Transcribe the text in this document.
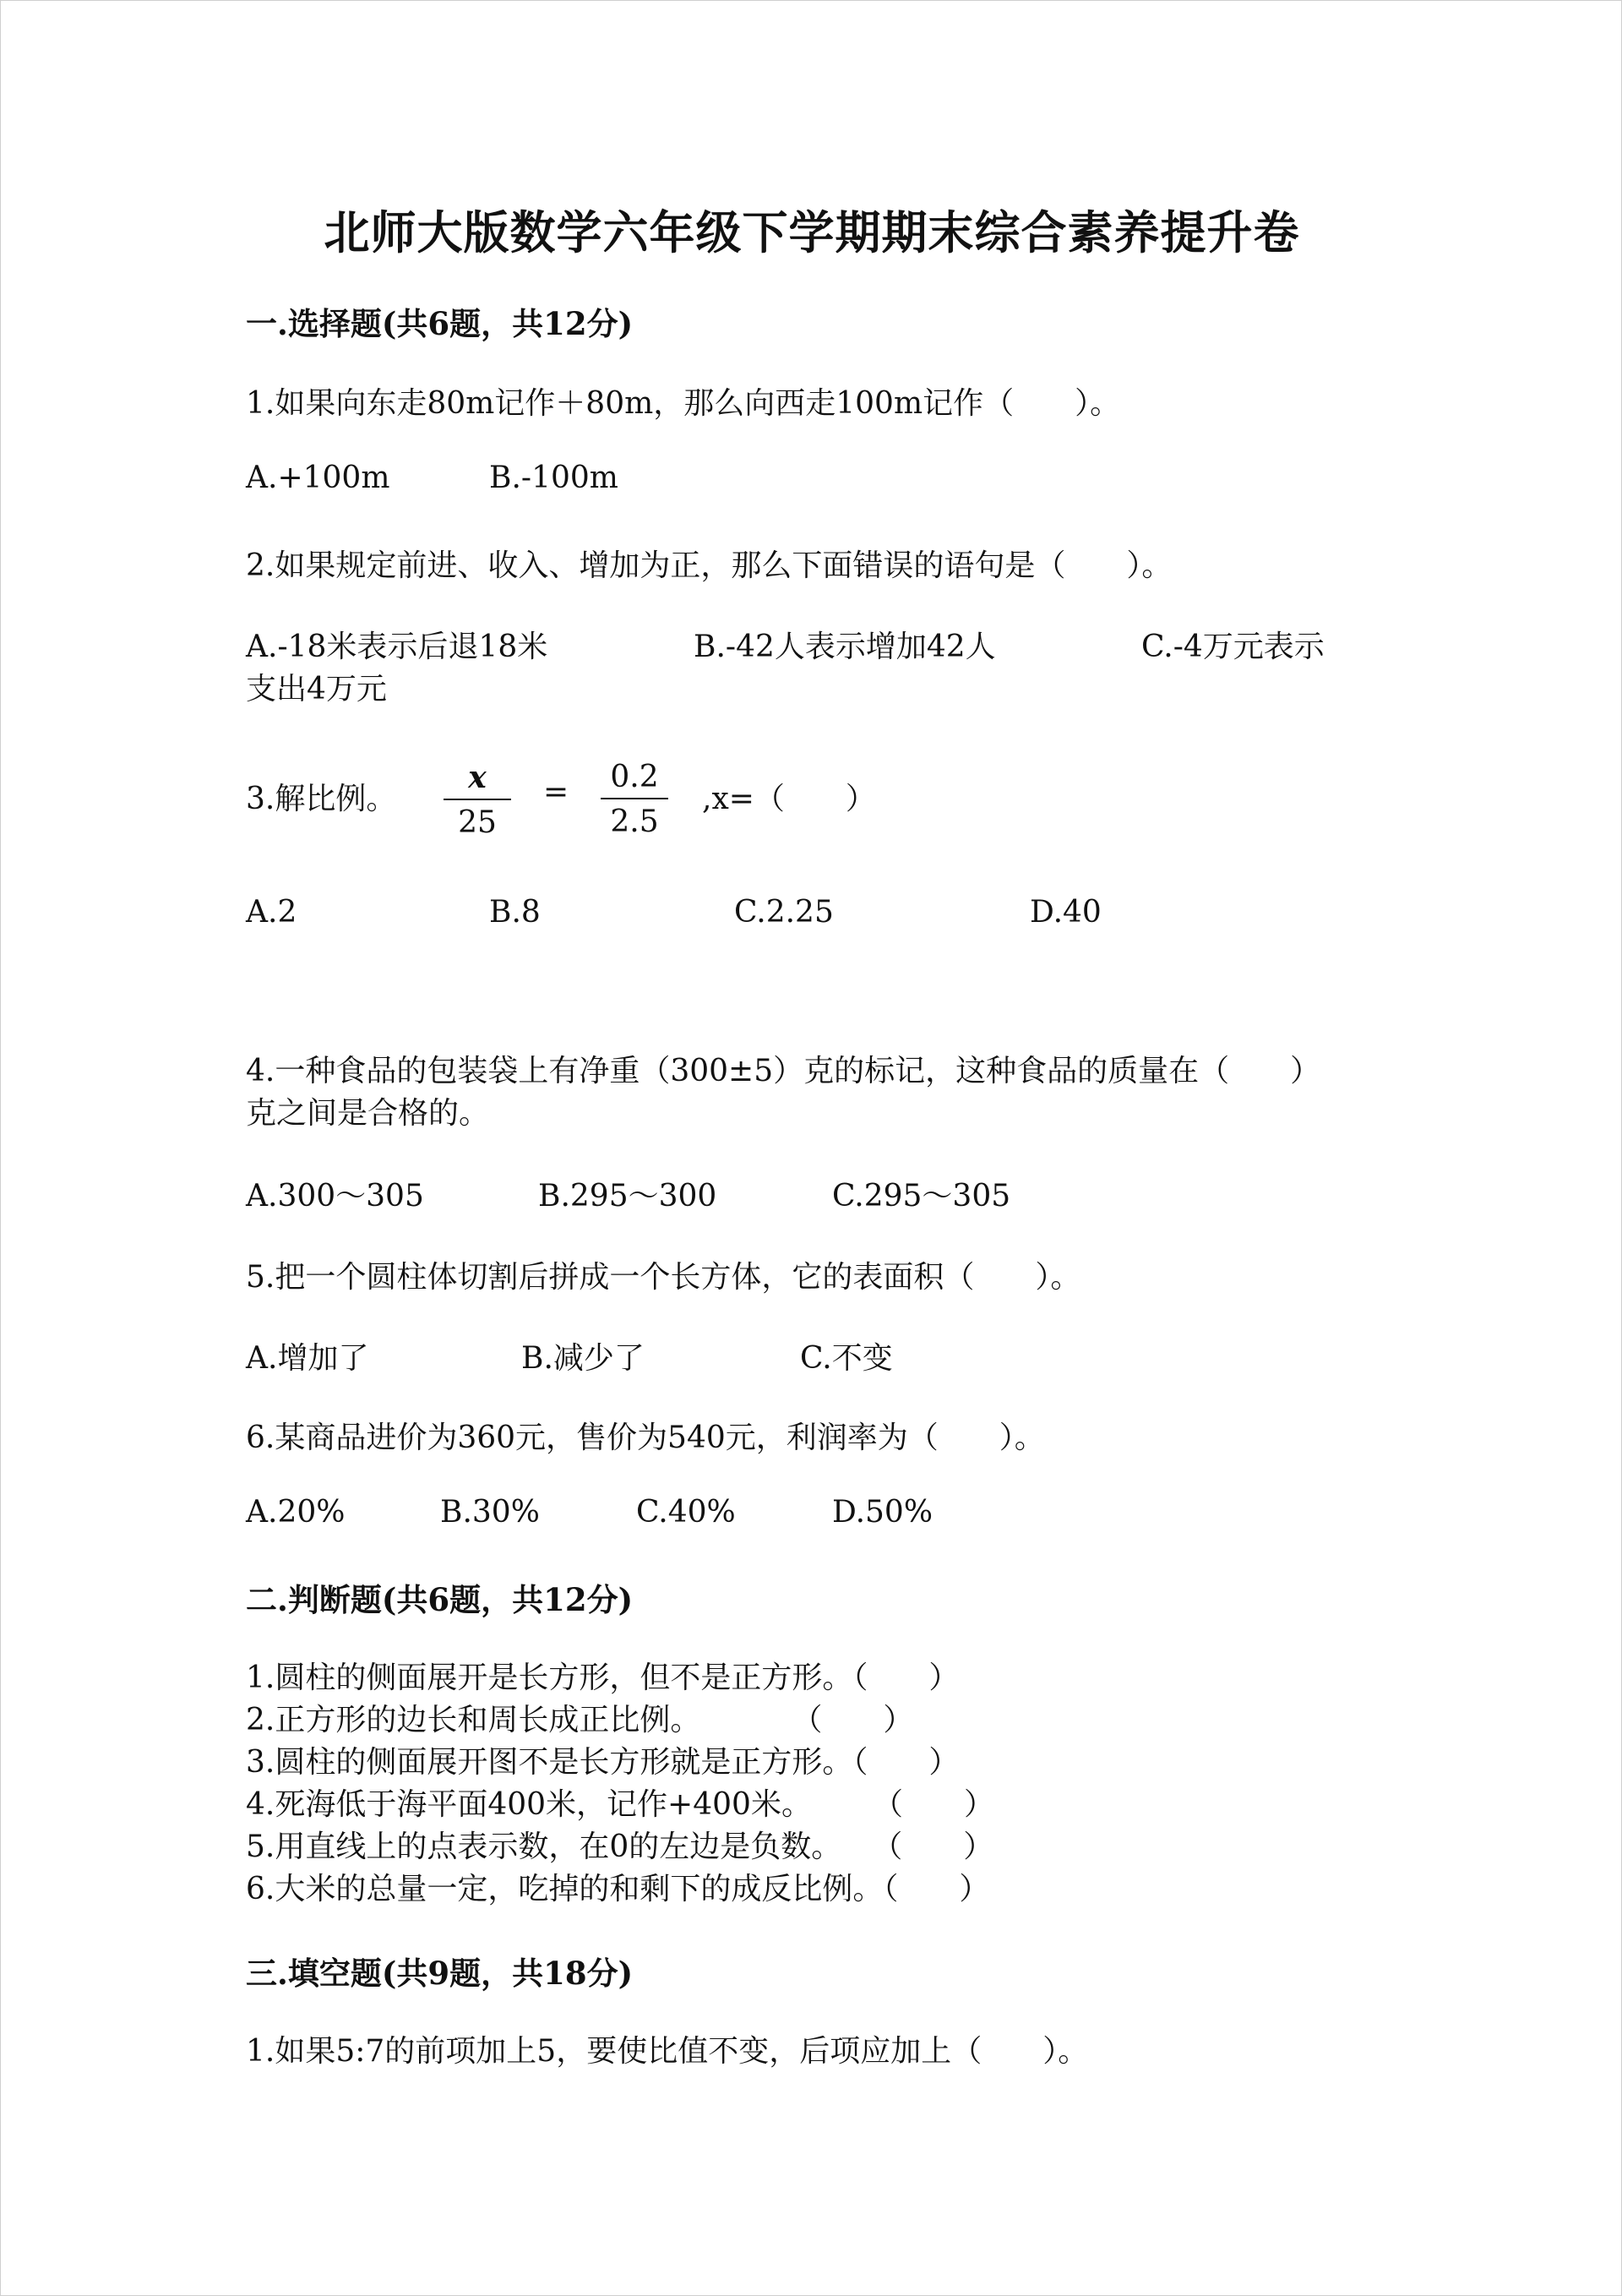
北师大版数学六年级下学期期末综合素养提升卷
一.选择题(共6题，共12分)
1.如果向东走80m记作＋80m，那么向西走100m记作（　　）。
A.+100m	B.-100m
2.如果规定前进、收入、增加为正，那么下面错误的语句是（　　）。
A.-18米表示后退18米	B.-42人表示增加42人	C.-4万元表示
支出4万元
3.解比例。 $\frac{x}{25} = \frac{0.2}{2.5} ,x=$（　　）
A.2	B.8	C.2.25	D.40
4.一种食品的包装袋上有净重（300±5）克的标记，这种食品的质量在（　　）
克之间是合格的。
A.300～305	B.295～300	C.295～305
5.把一个圆柱体切割后拼成一个长方体，它的表面积（　　）。
A.增加了	B.减少了	C.不变
6.某商品进价为360元，售价为540元，利润率为（　　）。
A.20%	B.30%	C.40%	D.50%
二.判断题(共6题，共12分)
1.圆柱的侧面展开是长方形，但不是正方形。（　　）
2.正方形的边长和周长成正比例。　　　　（　　）
3.圆柱的侧面展开图不是长方形就是正方形。（　　）
4.死海低于海平面400米，记作+400米。　　　（　　）
5.用直线上的点表示数，在0的左边是负数。　　（　　）
6.大米的总量一定，吃掉的和剩下的成反比例。（　　）
三.填空题(共9题，共18分)
1.如果5:7的前项加上5，要使比值不变，后项应加上（　　）。
